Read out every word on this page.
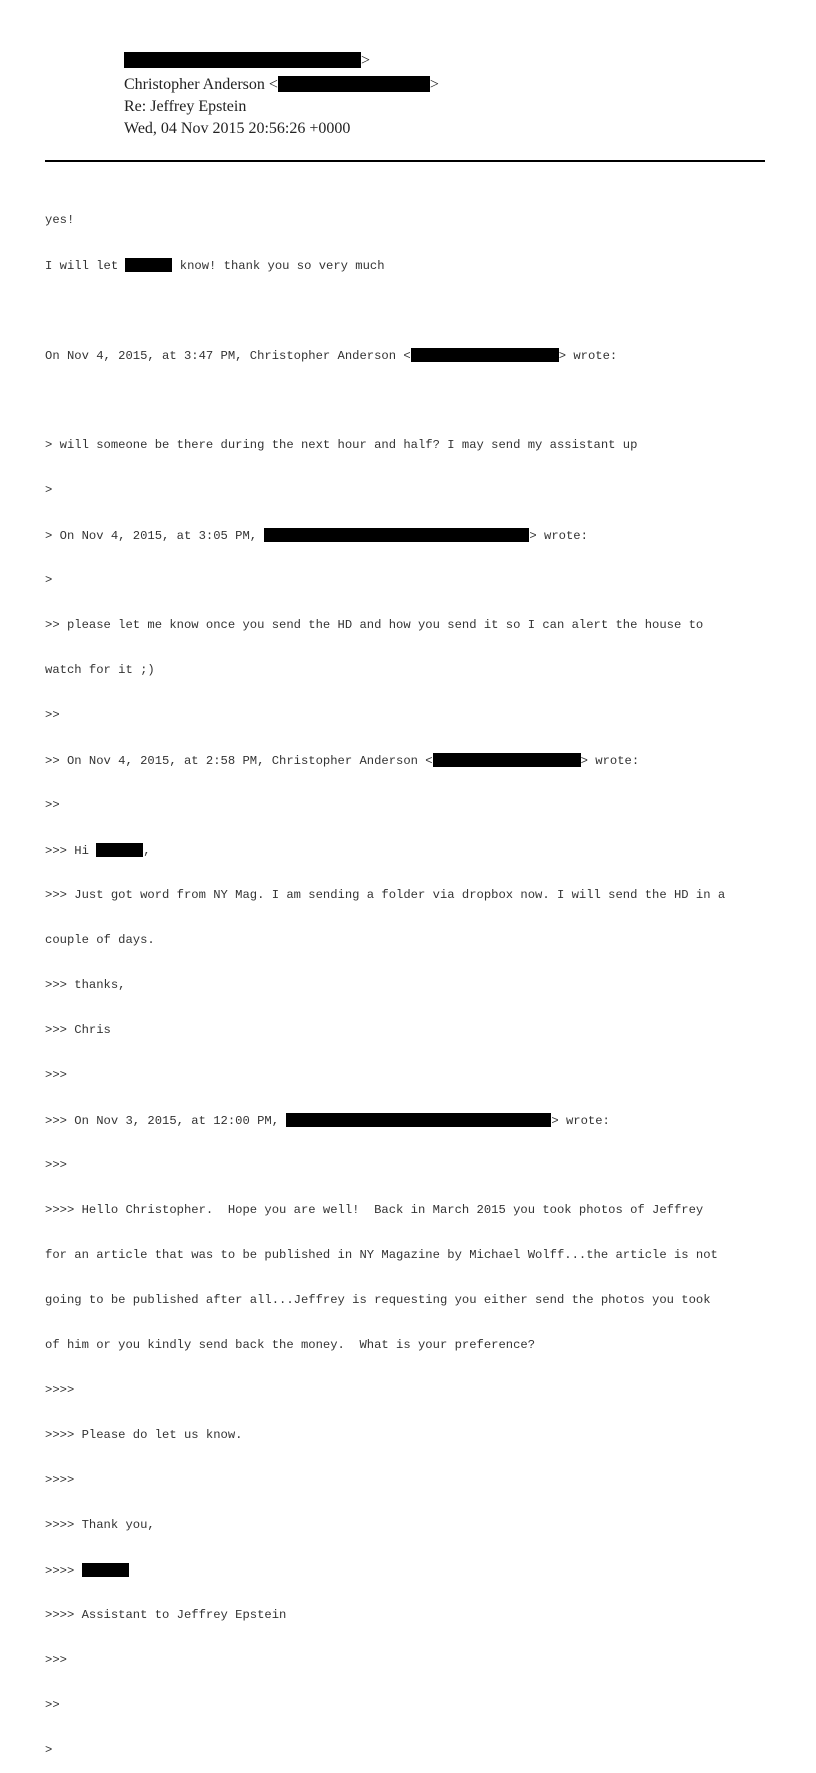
>
Christopher Anderson <	>
Re: Jeffrey Epstein
Wed, 04 Nov 2015 20:56:26 +0000

yes!

I will let	know! thank you so very much

On Nov 4, 2015, at 3:47 PM, Christopher Anderson <	> wrote:

> will someone be there during the next hour and half? I may send my assistant up

>

> On Nov 4, 2015, at 3:05 PM,	> wrote:

>

>> please let me know once you send the HD and how you send it so I can alert the house to

watch for it ;)

>>

>> On Nov 4, 2015, at 2:58 PM, Christopher Anderson <	> wrote:

>>

>>> Hi	,

>>> Just got word from NY Mag. I am sending a folder via dropbox now. I will send the HD in a

couple of days.

>>> thanks,

>>> Chris

>>>

>>> On Nov 3, 2015, at 12:00 PM,	> wrote:

>>>

>>>> Hello Christopher.  Hope you are well!  Back in March 2015 you took photos of Jeffrey

for an article that was to be published in NY Magazine by Michael Wolff...the article is not

going to be published after all...Jeffrey is requesting you either send the photos you took

of him or you kindly send back the money.  What is your preference?

>>>>

>>>> Please do let us know.

>>>>

>>>> Thank you,

>>>>

>>>> Assistant to Jeffrey Epstein

>>>

>>

>
